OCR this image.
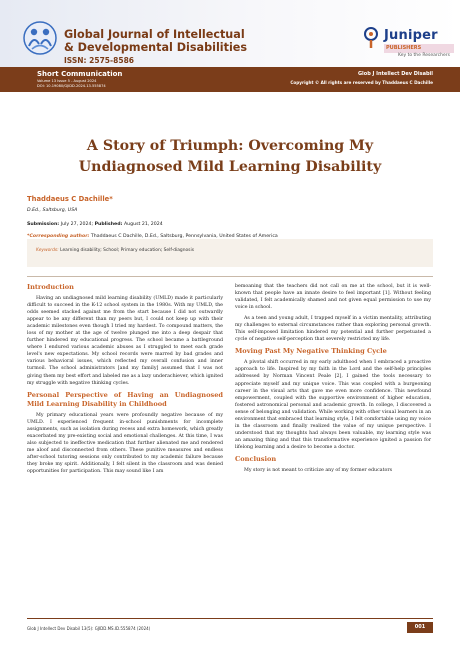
Global Journal of Intellectual
& Developmental Disabilities
ISSN: 2575-8586
Juniper
PUBLISHERS
Key to the Researchers
Short Communication
Volume 13 Issue 5 - August 2024
DOI: 10.19080/GJIDD.2024.13.555874
Glob J Intellect Dev Disabil
Copyright © All rights are reserved by Thaddaeus C Dachille
A Story of Triumph: Overcoming My
Undiagnosed Mild Learning Disability
Thaddaeus C Dachille*
D.Ed., Saltsburg, USA
Submission: July 27, 2024; Published: August 21, 2024
*Corresponding author: Thaddaeus C Dachille, D.Ed., Saltsburg, Pennsylvania, United States of America
Keywords: Learning disability; School; Primary education; Self-diagnosis
Introduction

Having an undiagnosed mild learning disability (UMLD) made it particularly difficult to succeed in the K-12 school system in the 1980s. With my UMLD, the odds seemed stacked against me from the start because I did not outwardly appear to be any different than my peers but, I could not keep up with their academic milestones even though I tried my hardest. To compound matters, the loss of my mother at the age of twelve plunged me into a deep despair that further hindered my educational progress. The school became a battleground where I endured various academic abuses as I struggled to meet each grade level's new expectations. My school records were marred by bad grades and various behavioral issues, which reflected my overall confusion and inner turmoil. The school administrators [and my family] assumed that I was not giving them my best effort and labeled me as a lazy underachiever, which ignited my struggle with negative thinking cycles.

Personal Perspective of Having an Undiagnosed Mild Learning Disability in Childhood

My primary educational years were profoundly negative because of my UMLD. I experienced frequent in-school punishments for incomplete assignments, such as isolation during recess and extra homework, which greatly exacerbated my pre-existing social and emotional challenges. At this time, I was also subjected to ineffective medication that further alienated me and rendered me aloof and disconnected from others. These punitive measures and endless after-school tutoring sessions only contributed to my academic failure because they broke my spirit. Additionally, I felt silent in the classroom and was denied opportunities for participation. This may sound like I am

bemoaning that the teachers did not call on me at the school, but it is well-known that people have an innate desire to feel important [1]. Without feeling validated, I felt academically shamed and not given equal permission to use my voice in school.

As a teen and young adult, I trapped myself in a victim mentality, attributing my challenges to external circumstances rather than exploring personal growth. This self-imposed limitation hindered my potential and further perpetuated a cycle of negative self-perception that severely restricted my life.

Moving Past My Negative Thinking Cycle

A pivotal shift occurred in my early adulthood when I embraced a proactive approach to life. Inspired by my faith in the Lord and the self-help principles addressed by Norman Vincent Peale [2], I gained the tools necessary to appreciate myself and my unique voice. This was coupled with a burgeoning career in the visual arts that gave me even more confidence. This newfound empowerment, coupled with the supportive environment of higher education, fostered astronomical personal and academic growth. In college, I discovered a sense of belonging and validation. While working with other visual learners in an environment that embraced that learning style, I felt comfortable using my voice in the classroom and finally realized the value of my unique perspective. I understood that my thoughts had always been valuable, my learning style was an amazing thing and that this transformative experience ignited a passion for lifelong learning and a desire to become a doctor.

Conclusion

My story is not meant to criticize any of my former educators

Glob J Intellect Dev Disabil 13(5): GJIDD.MS.ID.555874 (2024)	001
